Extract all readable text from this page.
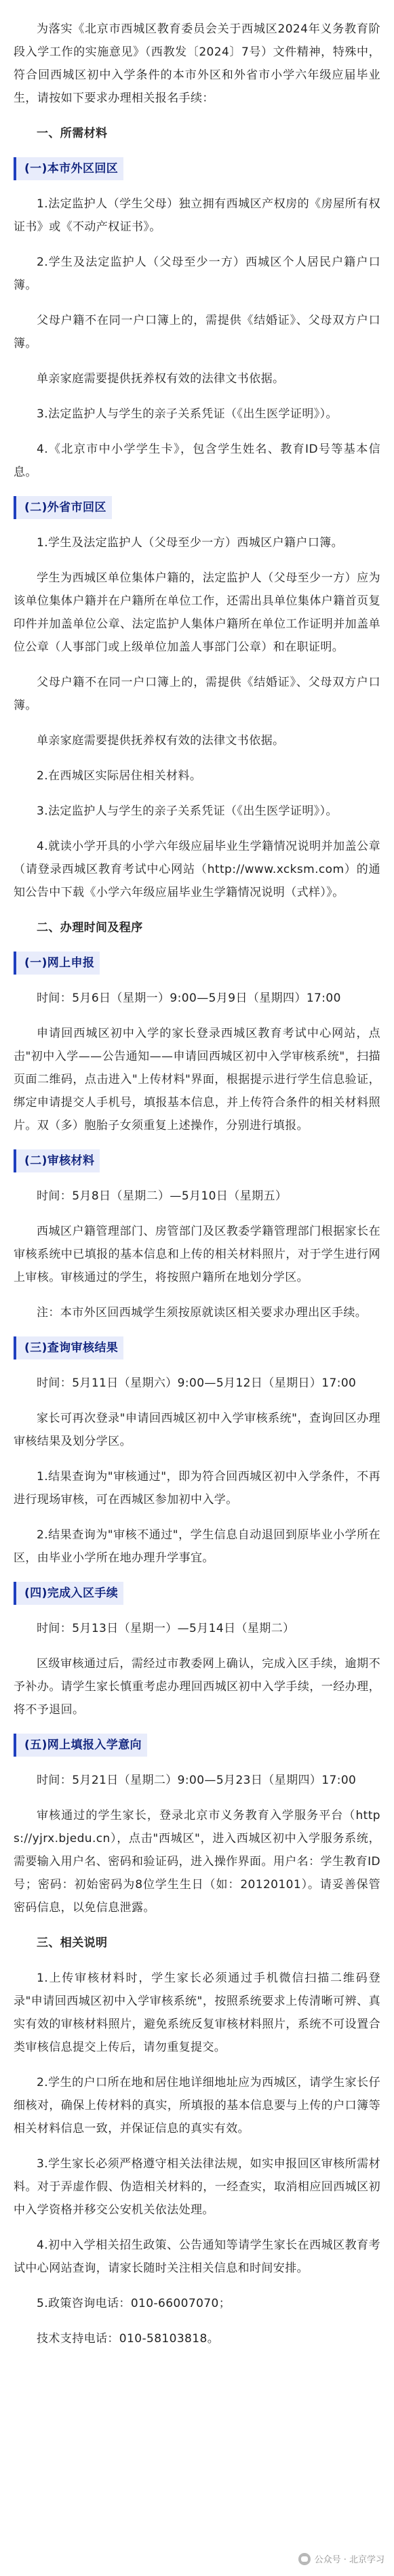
为落实《北京市西城区教育委员会关于西城区2024年义务教育阶段入学工作的实施意见》（西教发〔2024〕7号）文件精神，特殊中，符合回西城区初中入学条件的本市外区和外省市小学六年级应届毕业生，请按如下要求办理相关报名手续：

一、所需材料
(一)本市外区回区

1.法定监护人（学生父母）独立拥有西城区产权房的《房屋所有权证书》或《不动产权证书》。

2.学生及法定监护人（父母至少一方）西城区个人居民户籍户口簿。

父母户籍不在同一户口簿上的，需提供《结婚证》、父母双方户口簿。

单亲家庭需要提供抚养权有效的法律文书依据。

3.法定监护人与学生的亲子关系凭证（《出生医学证明》）。

4.《北京市中小学学生卡》，包含学生姓名、教育ID号等基本信息。

(二)外省市回区

1.学生及法定监护人（父母至少一方）西城区户籍户口簿。

学生为西城区单位集体户籍的，法定监护人（父母至少一方）应为该单位集体户籍并在户籍所在单位工作，还需出具单位集体户籍首页复印件并加盖单位公章、法定监护人集体户籍所在单位工作证明并加盖单位公章（人事部门或上级单位加盖人事部门公章）和在职证明。

父母户籍不在同一户口簿上的，需提供《结婚证》、父母双方户口簿。

单亲家庭需要提供抚养权有效的法律文书依据。

2.在西城区实际居住相关材料。

3.法定监护人与学生的亲子关系凭证（《出生医学证明》）。

4.就读小学开具的小学六年级应届毕业生学籍情况说明并加盖公章（请登录西城区教育考试中心网站（http://www.xcksm.com）的通知公告中下载《小学六年级应届毕业生学籍情况说明（式样）》。

二、办理时间及程序
(一)网上申报

时间：5月6日（星期一）9:00—5月9日（星期四）17:00

申请回西城区初中入学的家长登录西城区教育考试中心网站，点击"初中入学——公告通知——申请回西城区初中入学审核系统"，扫描页面二维码，点击进入"上传材料"界面，根据提示进行学生信息验证，绑定申请提交人手机号，填报基本信息，并上传符合条件的相关材料照片。双（多）胞胎子女须重复上述操作，分别进行填报。

(二)审核材料

时间：5月8日（星期二）—5月10日（星期五）

西城区户籍管理部门、房管部门及区教委学籍管理部门根据家长在审核系统中已填报的基本信息和上传的相关材料照片，对于学生进行网上审核。审核通过的学生，将按照户籍所在地划分学区。

注：本市外区回西城学生须按原就读区相关要求办理出区手续。

(三)查询审核结果

时间：5月11日（星期六）9:00—5月12日（星期日）17:00

家长可再次登录"申请回西城区初中入学审核系统"，查询回区办理审核结果及划分学区。

1.结果查询为"审核通过"，即为符合回西城区初中入学条件，不再进行现场审核，可在西城区参加初中入学。

2.结果查询为"审核不通过"，学生信息自动退回到原毕业小学所在区，由毕业小学所在地办理升学事宜。

(四)完成入区手续

时间：5月13日（星期一）—5月14日（星期二）

区级审核通过后，需经过市教委网上确认，完成入区手续，逾期不予补办。请学生家长慎重考虑办理回西城区初中入学手续，一经办理，将不予退回。

(五)网上填报入学意向

时间：5月21日（星期二）9:00—5月23日（星期四）17:00

审核通过的学生家长，登录北京市义务教育入学服务平台（https://yjrx.bjedu.cn），点击"西城区"，进入西城区初中入学服务系统，需要输入用户名、密码和验证码，进入操作界面。用户名：学生教育ID号；密码：初始密码为8位学生生日（如：20120101）。请妥善保管密码信息，以免信息泄露。

三、相关说明

1.上传审核材料时，学生家长必须通过手机微信扫描二维码登录"申请回西城区初中入学审核系统"，按照系统要求上传清晰可辨、真实有效的审核材料照片，避免系统反复审核材料照片，系统不可设置合类审核信息提交上传后，请勿重复提交。

2.学生的户口所在地和居住地详细地址应为西城区，请学生家长仔细核对，确保上传材料的真实，所填报的基本信息要与上传的户口簿等相关材料信息一致，并保证信息的真实有效。

3.学生家长必须严格遵守相关法律法规，如实申报回区审核所需材料。对于弄虚作假、伪造相关材料的，一经查实，取消相应回西城区初中入学资格并移交公安机关依法处理。

4.初中入学相关招生政策、公告通知等请学生家长在西城区教育考试中心网站查询，请家长随时关注相关信息和时间安排。

5.政策咨询电话：010-66007070；

技术支持电话：010-58103818。

公众号 · 北京学习
